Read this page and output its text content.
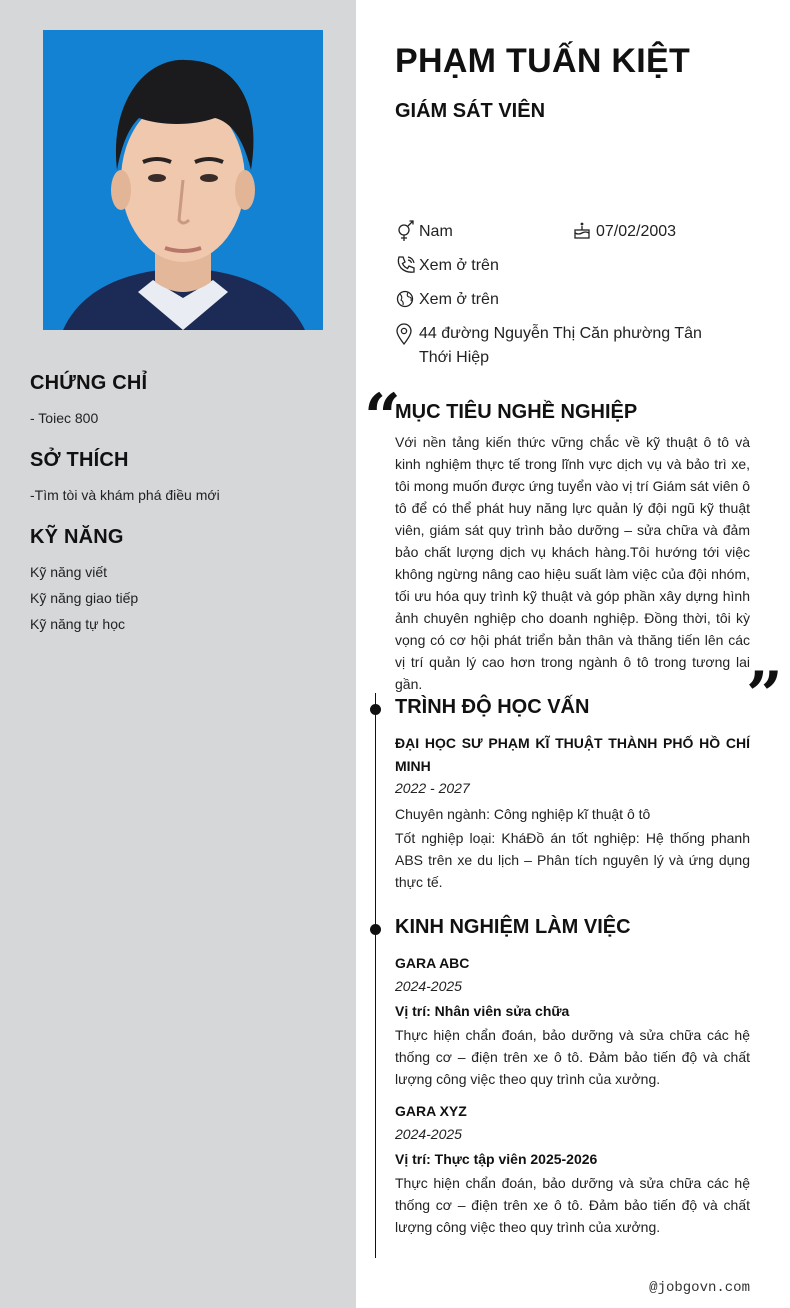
CHỨNG CHỈ
- Toiec 800
SỞ THÍCH
-Tìm tòi và khám phá điều mới
KỸ NĂNG
Kỹ năng viết
Kỹ năng giao tiếp
Kỹ năng tự học
PHẠM TUẤN KIỆT
GIÁM SÁT VIÊN
Nam	07/02/2003
Xem ở trên
Xem ở trên
44 đường Nguyễn Thị Căn phường Tân Thới Hiệp
“
MỤC TIÊU NGHỀ NGHIỆP
Với nền tảng kiến thức vững chắc về kỹ thuật ô tô và kinh nghiệm thực tế trong lĩnh vực dịch vụ và bảo trì xe, tôi mong muốn được ứng tuyển vào vị trí Giám sát viên ô tô để có thể phát huy năng lực quản lý đội ngũ kỹ thuật viên, giám sát quy trình bảo dưỡng – sửa chữa và đảm bảo chất lượng dịch vụ khách hàng.Tôi hướng tới việc không ngừng nâng cao hiệu suất làm việc của đội nhóm, tối ưu hóa quy trình kỹ thuật và góp phần xây dựng hình ảnh chuyên nghiệp cho doanh nghiệp. Đồng thời, tôi kỳ vọng có cơ hội phát triển bản thân và thăng tiến lên các vị trí quản lý cao hơn trong ngành ô tô trong tương lai gần.	”
TRÌNH ĐỘ HỌC VẤN
ĐẠI HỌC SƯ PHẠM KĨ THUẬT THÀNH PHỐ HỒ CHÍ MINH
2022 - 2027
Chuyên ngành: Công nghiệp kĩ thuật ô tô
Tốt nghiệp loại: KháĐồ án tốt nghiệp: Hệ thống phanh ABS trên xe du lịch – Phân tích nguyên lý và ứng dụng thực tế.
KINH NGHIỆM LÀM VIỆC
GARA ABC
2024-2025
Vị trí: Nhân viên sửa chữa
Thực hiện chẩn đoán, bảo dưỡng và sửa chữa các hệ thống cơ – điện trên xe ô tô. Đảm bảo tiến độ và chất lượng công việc theo quy trình của xưởng.
GARA XYZ
2024-2025
Vị trí: Thực tập viên 2025-2026
Thực hiện chẩn đoán, bảo dưỡng và sửa chữa các hệ thống cơ – điện trên xe ô tô. Đảm bảo tiến độ và chất lượng công việc theo quy trình của xưởng.
@jobgovn.com
